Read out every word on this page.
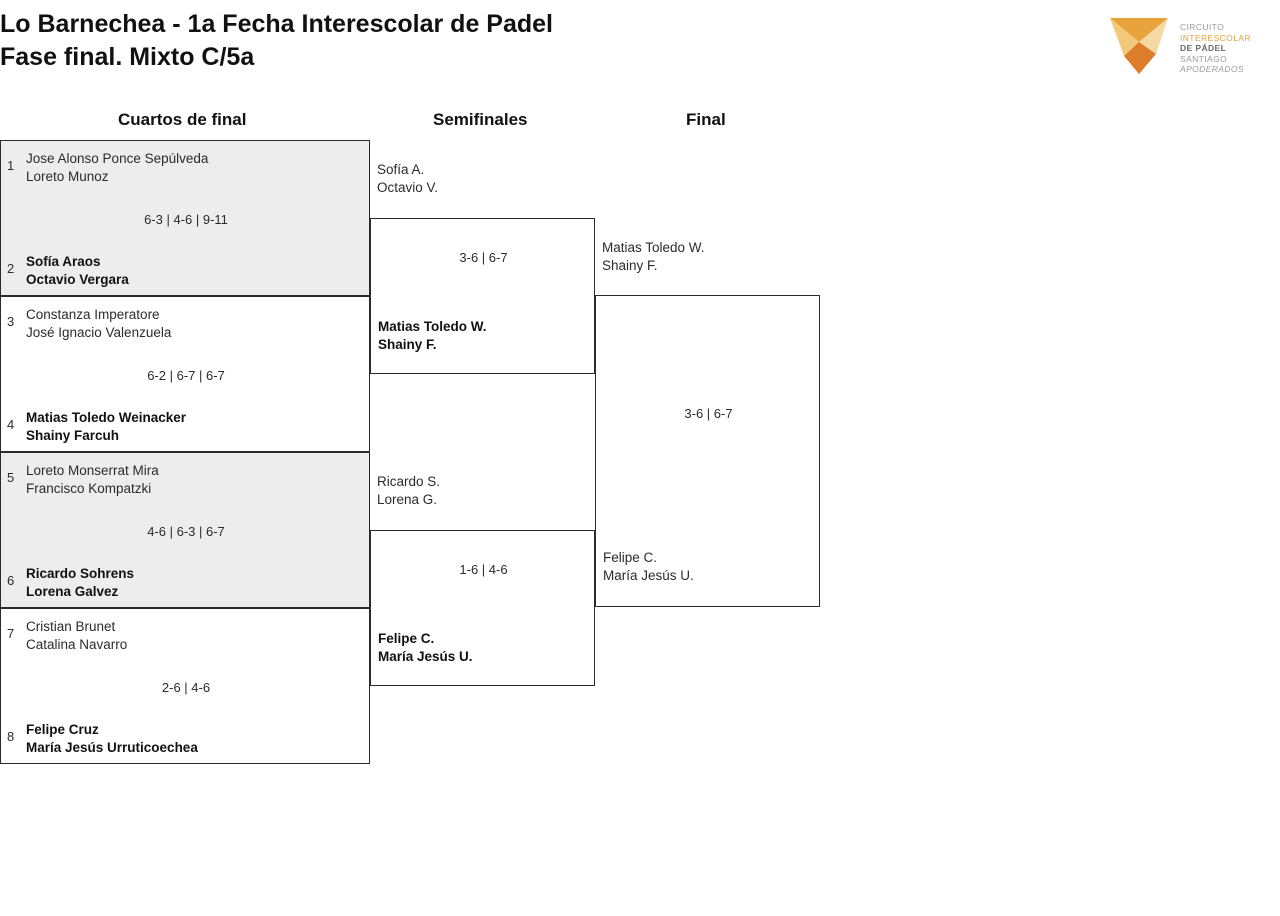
Lo Barnechea - 1a Fecha Interescolar de Padel
Fase final. Mixto C/5a
CIRCUITO
INTERESCOLAR
DE PÁDEL
SANTIAGO
APODERADOS
Cuartos de final	Semifinales	Final
Jose Alonso Ponce Sepúlveda
Loreto Munoz
6-3 | 4-6 | 9-11
Sofía Araos
Octavio Vergara
1
2
Constanza Imperatore
José Ignacio Valenzuela
6-2 | 6-7 | 6-7
Matias Toledo Weinacker
Shainy Farcuh
3
4
Loreto Monserrat Mira
Francisco Kompatzki
4-6 | 6-3 | 6-7
Ricardo Sohrens
Lorena Galvez
5
6
Cristian Brunet
Catalina Navarro
2-6 | 4-6
Felipe Cruz
María Jesús Urruticoechea
7
8
Sofía A.
Octavio V.
3-6 | 6-7
Matias Toledo W.
Shainy F.
Ricardo S.
Lorena G.
1-6 | 4-6
Felipe C.
María Jesús U.
Matias Toledo W.
Shainy F.
3-6 | 6-7
Felipe C.
María Jesús U.
